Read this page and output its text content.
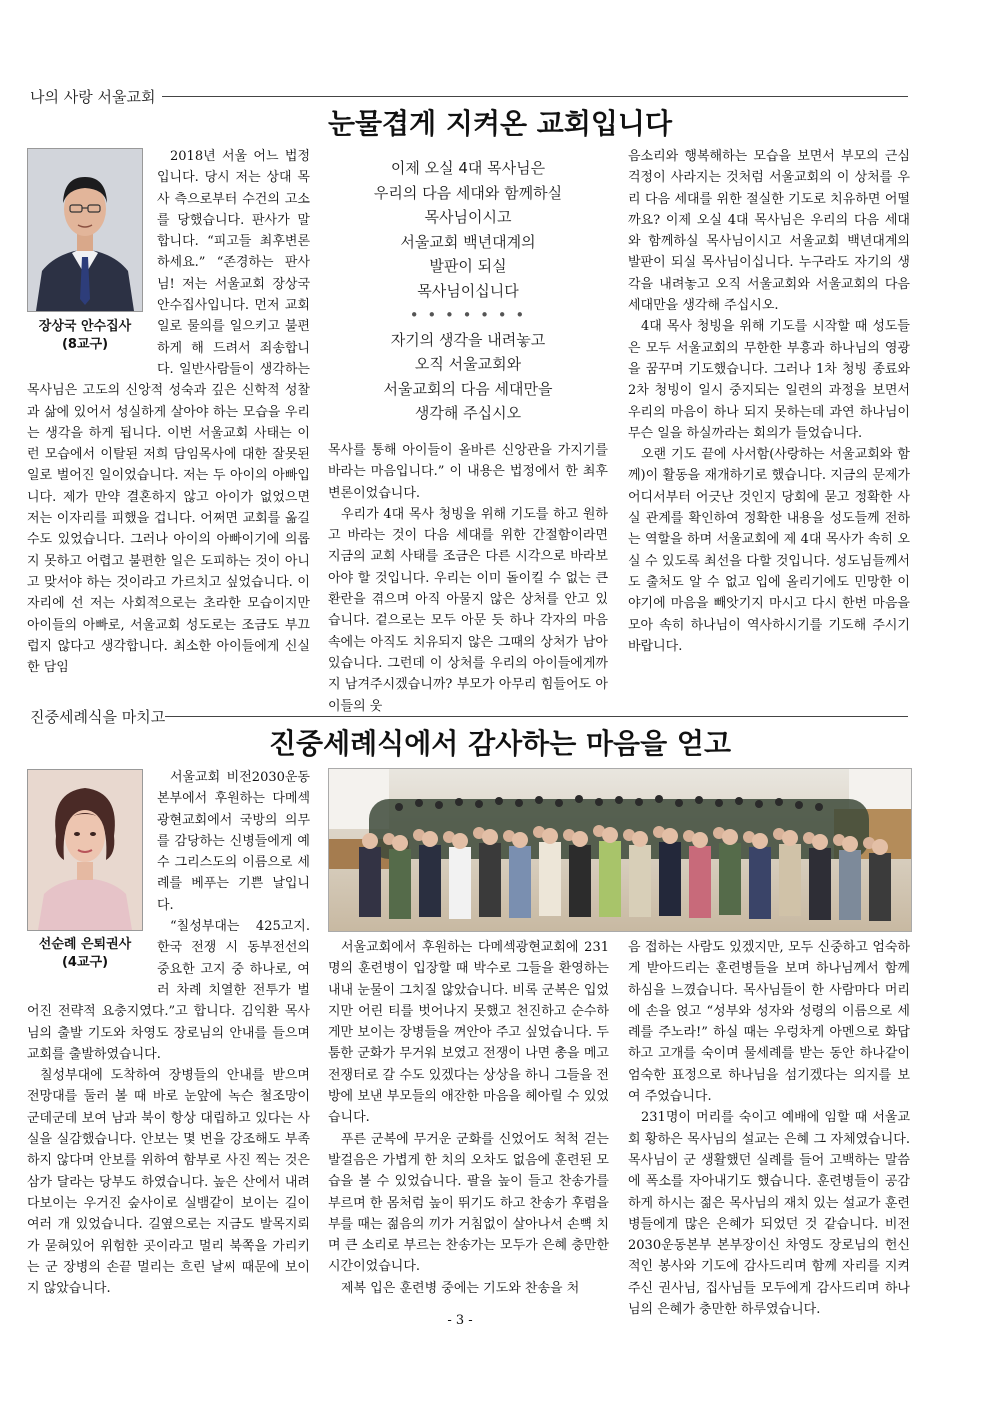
나의 사랑 서울교회
눈물겹게 지켜온 교회입니다

2018년 서울 어느 법정입니다. 당시 저는 상대 목사 측으로부터 수건의 고소를 당했습니다. 판사가 말합니다. “피고들 최후변론 하세요.” “존경하는 판사님! 저는 서울교회 장상국 안수집사입니다. 먼저 교회 일로 물의를 일으키고 불편하게 해 드려서 죄송합니다. 일반사람들이 생각하는 목사님은 고도의 신앙적 성숙과 깊은 신학적 성찰과 삶에 있어서 성실하게 살아야 하는 모습을 우리는 생각을 하게 됩니다. 이번 서울교회 사태는 이런 모습에서 이탈된 저희 담임목사에 대한 잘못된 일로 벌어진 일이었습니다. 저는 두 아이의 아빠입니다. 제가 만약 결혼하지 않고 아이가 없었으면 저는 이자리를 피했을 겁니다. 어쩌면 교회를 옮길 수도 있었습니다. 그러나 아이의 아빠이기에 의롭지 못하고 어렵고 불편한 일은 도피하는 것이 아니고 맞서야 하는 것이라고 가르치고 싶었습니다. 이 자리에 선 저는 사회적으로는 초라한 모습이지만 아이들의 아빠로, 서울교회 성도로는 조금도 부끄럽지 않다고 생각합니다. 최소한 아이들에게 신실한 담임

장상국 안수집사
(8교구)
이제 오실 4대 목사님은
우리의 다음 세대와 함께하실
목사님이시고
서울교회 백년대계의
발판이 되실
목사님이십니다
• • • • • • •
자기의 생각을 내려놓고
오직 서울교회와
서울교회의 다음 세대만을
생각해 주십시오

목사를 통해 아이들이 올바른 신앙관을 가지기를 바라는 마음입니다.” 이 내용은 법정에서 한 최후 변론이었습니다.

우리가 4대 목사 청빙을 위해 기도를 하고 원하고 바라는 것이 다음 세대를 위한 간절함이라면 지금의 교회 사태를 조금은 다른 시각으로 바라보아야 할 것입니다. 우리는 이미 돌이킬 수 없는 큰 환란을 겪으며 아직 아물지 않은 상처를 안고 있습니다. 겉으로는 모두 아문 듯 하나 각자의 마음 속에는 아직도 치유되지 않은 그때의 상처가 남아있습니다. 그런데 이 상처를 우리의 아이들에게까지 남겨주시겠습니까? 부모가 아무리 힘들어도 아이들의 웃

음소리와 행복해하는 모습을 보면서 부모의 근심걱정이 사라지는 것처럼 서울교회의 이 상처를 우리 다음 세대를 위한 절실한 기도로 치유하면 어떨까요? 이제 오실 4대 목사님은 우리의 다음 세대와 함께하실 목사님이시고 서울교회 백년대계의 발판이 되실 목사님이십니다. 누구라도 자기의 생각을 내려놓고 오직 서울교회와 서울교회의 다음 세대만을 생각해 주십시오.

4대 목사 청빙을 위해 기도를 시작할 때 성도들은 모두 서울교회의 무한한 부흥과 하나님의 영광을 꿈꾸며 기도했습니다. 그러나 1차 청빙 종료와 2차 청빙이 일시 중지되는 일련의 과정을 보면서 우리의 마음이 하나 되지 못하는데 과연 하나님이 무슨 일을 하실까라는 회의가 들었습니다.

오랜 기도 끝에 사서함(사랑하는 서울교회와 함께)이 활동을 재개하기로 했습니다. 지금의 문제가 어디서부터 어긋난 것인지 당회에 묻고 정확한 사실 관계를 확인하여 정확한 내용을 성도들께 전하는 역할을 하며 서울교회에 제 4대 목사가 속히 오실 수 있도록 최선을 다할 것입니다. 성도님들께서도 출처도 알 수 없고 입에 올리기에도 민망한 이야기에 마음을 빼앗기지 마시고 다시 한번 마음을 모아 속히 하나님이 역사하시기를 기도해 주시기 바랍니다.

진중세례식을 마치고
진중세례식에서 감사하는 마음을 얻고

서울교회 비전2030운동본부에서 후원하는 다메섹광현교회에서 국방의 의무를 감당하는 신병들에게 예수 그리스도의 이름으로 세례를 베푸는 기쁜 날입니다.

“칠성부대는 425고지. 한국 전쟁 시 동부전선의 중요한 고지 중 하나로, 여러 차례 치열한 전투가 벌어진 전략적 요충지였다.”고 합니다. 김익환 목사님의 출발 기도와 차영도 장로님의 안내를 들으며 교회를 출발하였습니다.

칠성부대에 도착하여 장병들의 안내를 받으며 전망대를 둘러 볼 때 바로 눈앞에 녹슨 철조망이 군데군데 보여 남과 북이 항상 대립하고 있다는 사실을 실감했습니다. 안보는 몇 번을 강조해도 부족하지 않다며 안보를 위하여 함부로 사진 찍는 것은 삼가 달라는 당부도 하였습니다. 높은 산에서 내려다보이는 우거진 숲사이로 실뱀같이 보이는 길이 여러 개 있었습니다. 길옆으로는 지금도 발목지뢰가 묻혀있어 위험한 곳이라고 멀리 북쪽을 가리키는 군 장병의 손끝 멀리는 흐린 날씨 때문에 보이지 않았습니다.

선순례 은퇴권사
(4교구)

서울교회에서 후원하는 다메섹광현교회에 231명의 훈련병이 입장할 때 박수로 그들을 환영하는 내내 눈물이 그치질 않았습니다. 비록 군복은 입었지만 어린 티를 벗어나지 못했고 천진하고 순수하게만 보이는 장병들을 껴안아 주고 싶었습니다. 두툼한 군화가 무거워 보였고 전쟁이 나면 총을 메고 전쟁터로 갈 수도 있겠다는 상상을 하니 그들을 전방에 보낸 부모들의 애잔한 마음을 헤아릴 수 있었습니다.

푸른 군복에 무거운 군화를 신었어도 척척 걷는 발걸음은 가볍게 한 치의 오차도 없음에 훈련된 모습을 볼 수 있었습니다. 팔을 높이 들고 찬송가를 부르며 한 몸처럼 높이 뛰기도 하고 찬송가 후렴을 부를 때는 젊음의 끼가 거침없이 살아나서 손뼉 치며 큰 소리로 부르는 찬송가는 모두가 은혜 충만한 시간이었습니다.

제복 입은 훈련병 중에는 기도와 찬송을 처

음 접하는 사람도 있겠지만, 모두 신중하고 엄숙하게 받아드리는 훈련병들을 보며 하나님께서 함께하심을 느꼈습니다. 목사님들이 한 사람마다 머리에 손을 얹고 “성부와 성자와 성령의 이름으로 세례를 주노라!” 하실 때는 우렁차게 아멘으로 화답하고 고개를 숙이며 물세례를 받는 동안 하나같이 엄숙한 표정으로 하나님을 섬기겠다는 의지를 보여 주었습니다.

231명이 머리를 숙이고 예배에 임할 때 서울교회 황하은 목사님의 설교는 은혜 그 자체였습니다. 목사님이 군 생활했던 실례를 들어 고백하는 말씀에 폭소를 자아내기도 했습니다. 훈련병들이 공감하게 하시는 젊은 목사님의 재치 있는 설교가 훈련병들에게 많은 은혜가 되었던 것 같습니다. 비전2030운동본부 본부장이신 차영도 장로님의 헌신적인 봉사와 기도에 감사드리며 함께 자리를 지켜주신 권사님, 집사님들 모두에게 감사드리며 하나님의 은혜가 충만한 하루였습니다.

- 3 -
